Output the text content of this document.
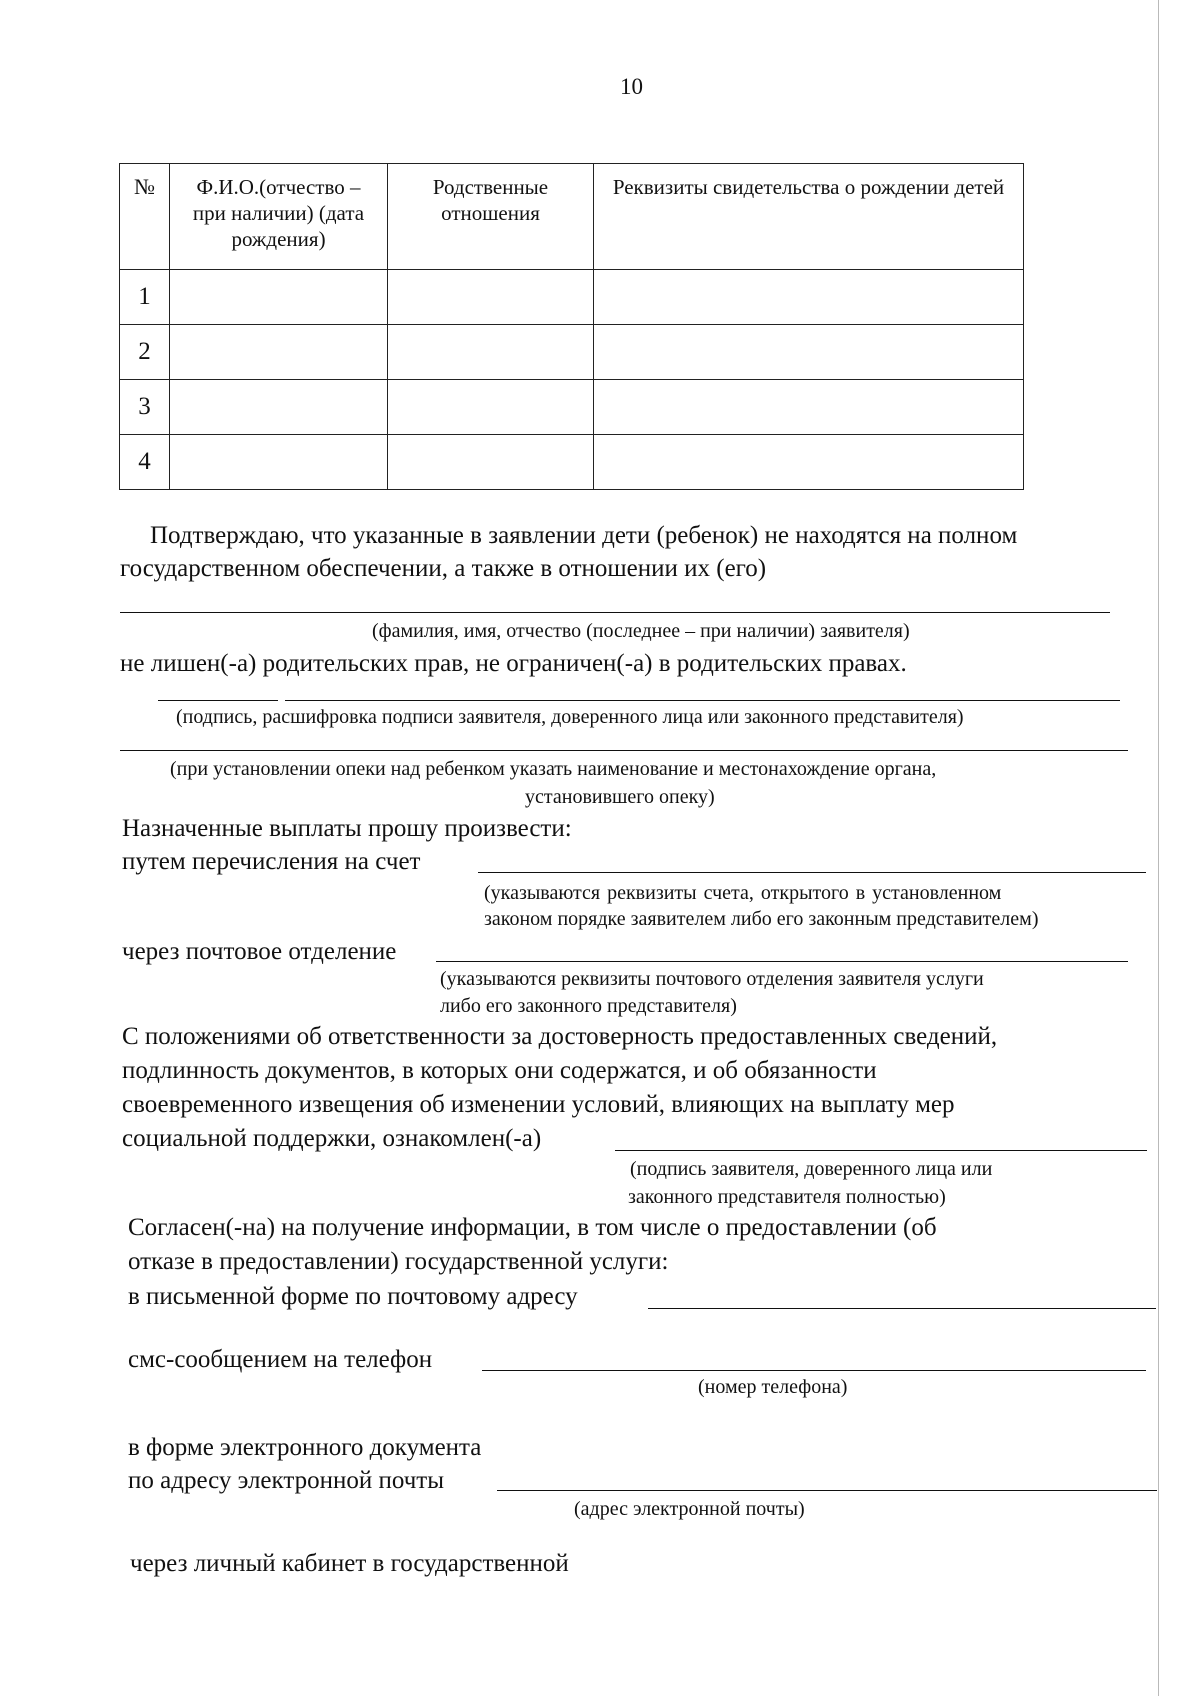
10
№	Ф.И.О.(отчество – при наличии) (дата рождения)	Родственные отношения	Реквизиты свидетельства о рождении детей

1			
2			
3			
4			
Подтверждаю, что указанные в заявлении дети (ребенок) не находятся на полном
государственном обеспечении, а также в отношении их (его)
(фамилия, имя, отчество (последнее – при наличии) заявителя)
не лишен(-а) родительских прав, не ограничен(-а) в родительских правах.
(подпись, расшифровка подписи заявителя, доверенного лица или законного представителя)
(при установлении опеки над ребенком указать наименование и местонахождение органа,
установившего опеку)
Назначенные выплаты прошу произвести:
путем перечисления на счет
(указываются реквизиты счета, открытого в установленном
законом порядке заявителем либо его законным представителем)
через почтовое отделение
(указываются реквизиты почтового отделения заявителя услуги
либо его законного представителя)
С положениями об ответственности за достоверность предоставленных сведений,
подлинность документов, в которых они содержатся, и об обязанности
своевременного извещения об изменении условий, влияющих на выплату мер
социальной поддержки, ознакомлен(-а)
(подпись заявителя, доверенного лица или
законного представителя полностью)
Согласен(-на) на получение информации, в том числе о предоставлении (об
отказе в предоставлении) государственной услуги:
в письменной форме по почтовому адресу
смс-сообщением на телефон
(номер телефона)
в форме электронного документа
по адресу электронной почты
(адрес электронной почты)
через личный кабинет в государственной
